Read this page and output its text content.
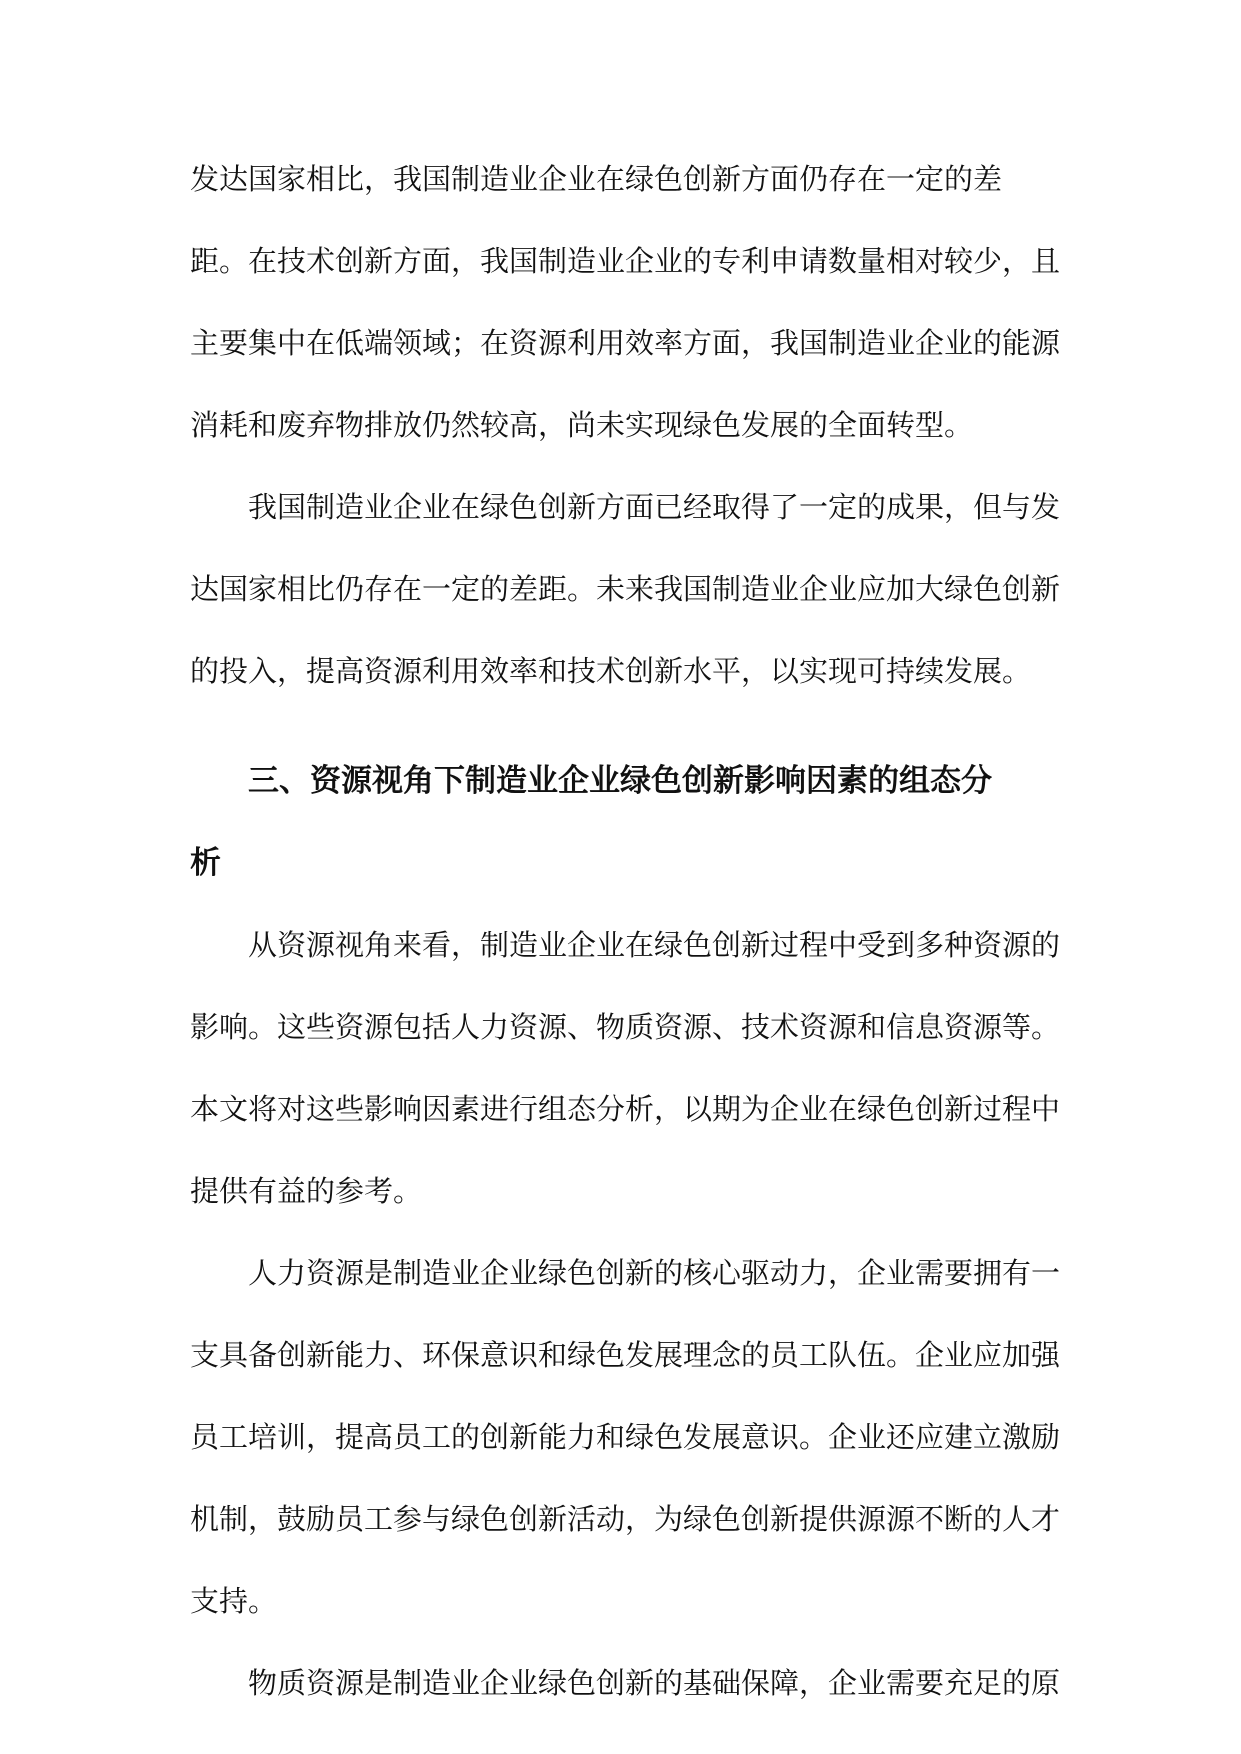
发达国家相比，我国制造业企业在绿色创新方面仍存在一定的差
距。在技术创新方面，我国制造业企业的专利申请数量相对较少，且
主要集中在低端领域；在资源利用效率方面，我国制造业企业的能源
消耗和废弃物排放仍然较高，尚未实现绿色发展的全面转型。
我国制造业企业在绿色创新方面已经取得了一定的成果，但与发
达国家相比仍存在一定的差距。未来我国制造业企业应加大绿色创新
的投入，提高资源利用效率和技术创新水平，以实现可持续发展。
三、资源视角下制造业企业绿色创新影响因素的组态分
析
从资源视角来看，制造业企业在绿色创新过程中受到多种资源的
影响。这些资源包括人力资源、物质资源、技术资源和信息资源等。
本文将对这些影响因素进行组态分析，以期为企业在绿色创新过程中
提供有益的参考。
人力资源是制造业企业绿色创新的核心驱动力，企业需要拥有一
支具备创新能力、环保意识和绿色发展理念的员工队伍。企业应加强
员工培训，提高员工的创新能力和绿色发展意识。企业还应建立激励
机制，鼓励员工参与绿色创新活动，为绿色创新提供源源不断的人才
支持。
物质资源是制造业企业绿色创新的基础保障，企业需要充足的原
